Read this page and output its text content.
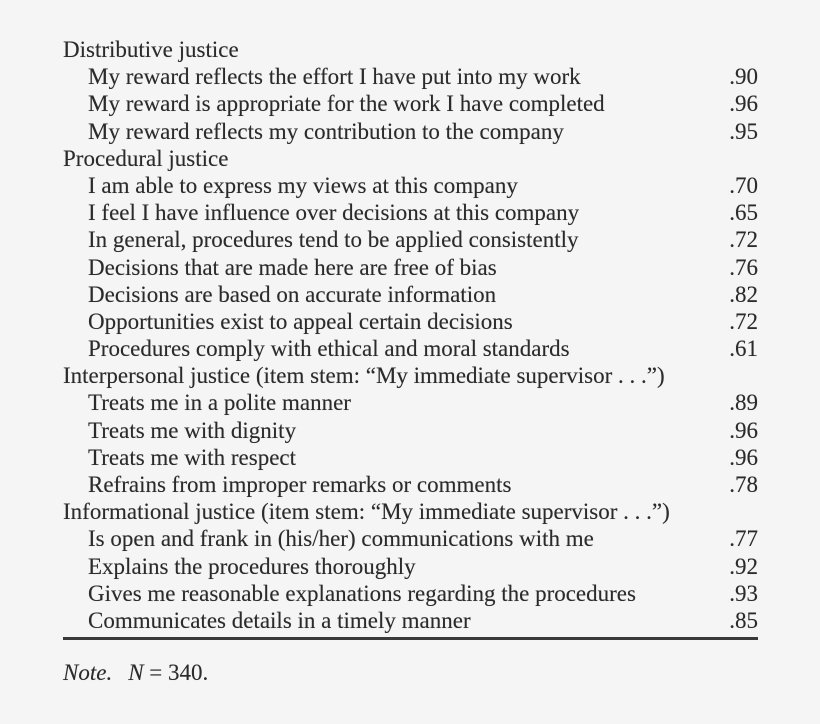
Distributive justice
My reward reflects the effort I have put into my work	.90
My reward is appropriate for the work I have completed	.96
My reward reflects my contribution to the company	.95
Procedural justice
I am able to express my views at this company	.70
I feel I have influence over decisions at this company	.65
In general, procedures tend to be applied consistently	.72
Decisions that are made here are free of bias	.76
Decisions are based on accurate information	.82
Opportunities exist to appeal certain decisions	.72
Procedures comply with ethical and moral standards	.61
Interpersonal justice (item stem: “My immediate supervisor . . .”)
Treats me in a polite manner	.89
Treats me with dignity	.96
Treats me with respect	.96
Refrains from improper remarks or comments	.78
Informational justice (item stem: “My immediate supervisor . . .”)
Is open and frank in (his/her) communications with me	.77
Explains the procedures thoroughly	.92
Gives me reasonable explanations regarding the procedures	.93
Communicates details in a timely manner	.85
Note. N = 340.
